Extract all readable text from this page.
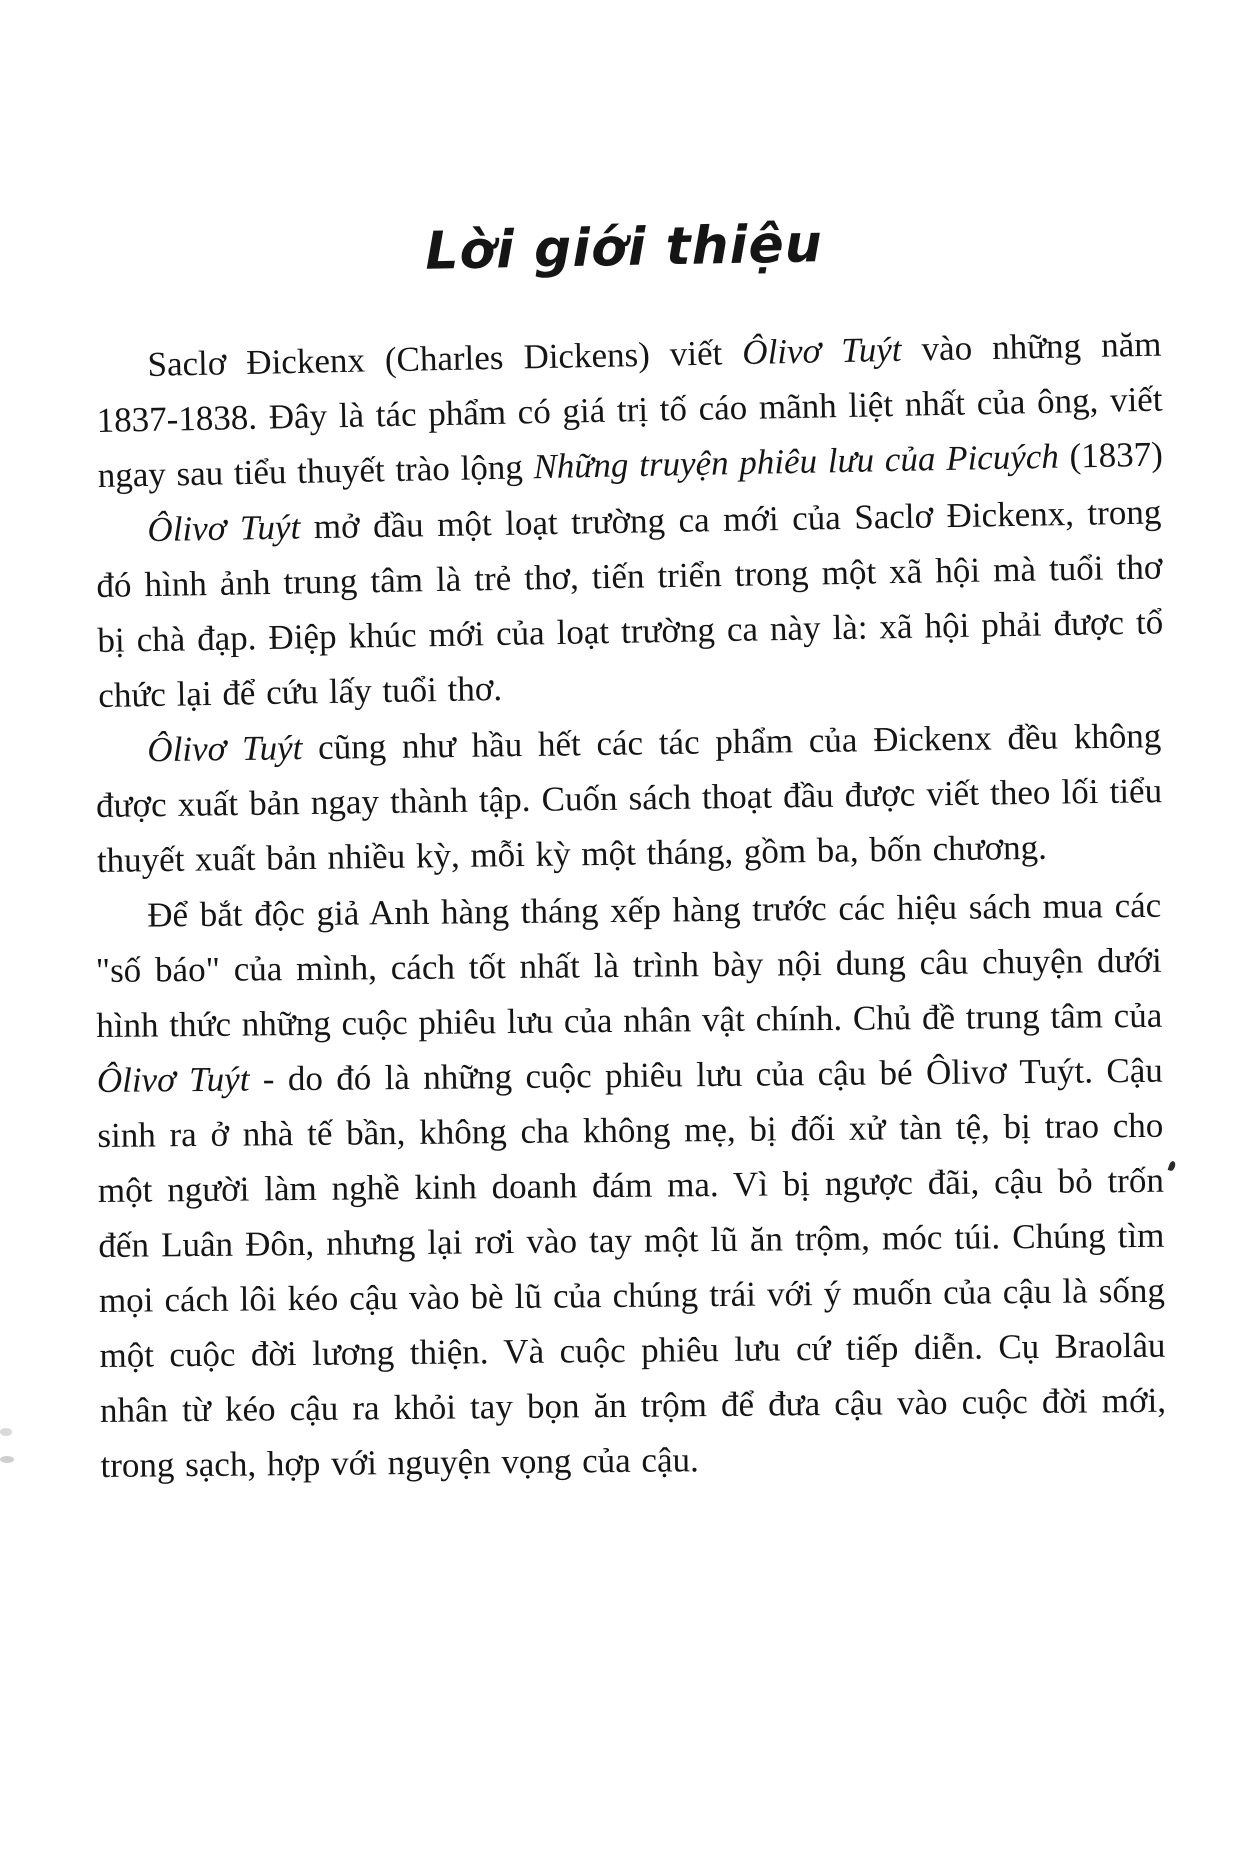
Lời giới thiệu

Saclơ Đickenx (Charles Dickens) viết Ôlivơ Tuýt vào những năm 1837-1838. Đây là tác phẩm có giá trị tố cáo mãnh liệt nhất của ông, viết ngay sau tiểu thuyết trào lộng Những truyện phiêu lưu của Picuých (1837)

Ôlivơ Tuýt mở đầu một loạt trường ca mới của Saclơ Đickenx, trong đó hình ảnh trung tâm là trẻ thơ, tiến triển trong một xã hội mà tuổi thơ bị chà đạp. Điệp khúc mới của loạt trường ca này là: xã hội phải được tổ chức lại để cứu lấy tuổi thơ.

Ôlivơ Tuýt cũng như hầu hết các tác phẩm của Đickenx đều không được xuất bản ngay thành tập. Cuốn sách thoạt đầu được viết theo lối tiểu thuyết xuất bản nhiều kỳ, mỗi kỳ một tháng, gồm ba, bốn chương.

Để bắt độc giả Anh hàng tháng xếp hàng trước các hiệu sách mua các "số báo" của mình, cách tốt nhất là trình bày nội dung câu chuyện dưới hình thức những cuộc phiêu lưu của nhân vật chính. Chủ đề trung tâm của Ôlivơ Tuýt - do đó là những cuộc phiêu lưu của cậu bé Ôlivơ Tuýt. Cậu sinh ra ở nhà tế bần, không cha không mẹ, bị đối xử tàn tệ, bị trao cho một người làm nghề kinh doanh đám ma. Vì bị ngược đãi, cậu bỏ trốn đến Luân Đôn, nhưng lại rơi vào tay một lũ ăn trộm, móc túi. Chúng tìm mọi cách lôi kéo cậu vào bè lũ của chúng trái với ý muốn của cậu là sống một cuộc đời lương thiện. Và cuộc phiêu lưu cứ tiếp diễn. Cụ Braolâu nhân từ kéo cậu ra khỏi tay bọn ăn trộm để đưa cậu vào cuộc đời mới, trong sạch, hợp với nguyện vọng của cậu.
